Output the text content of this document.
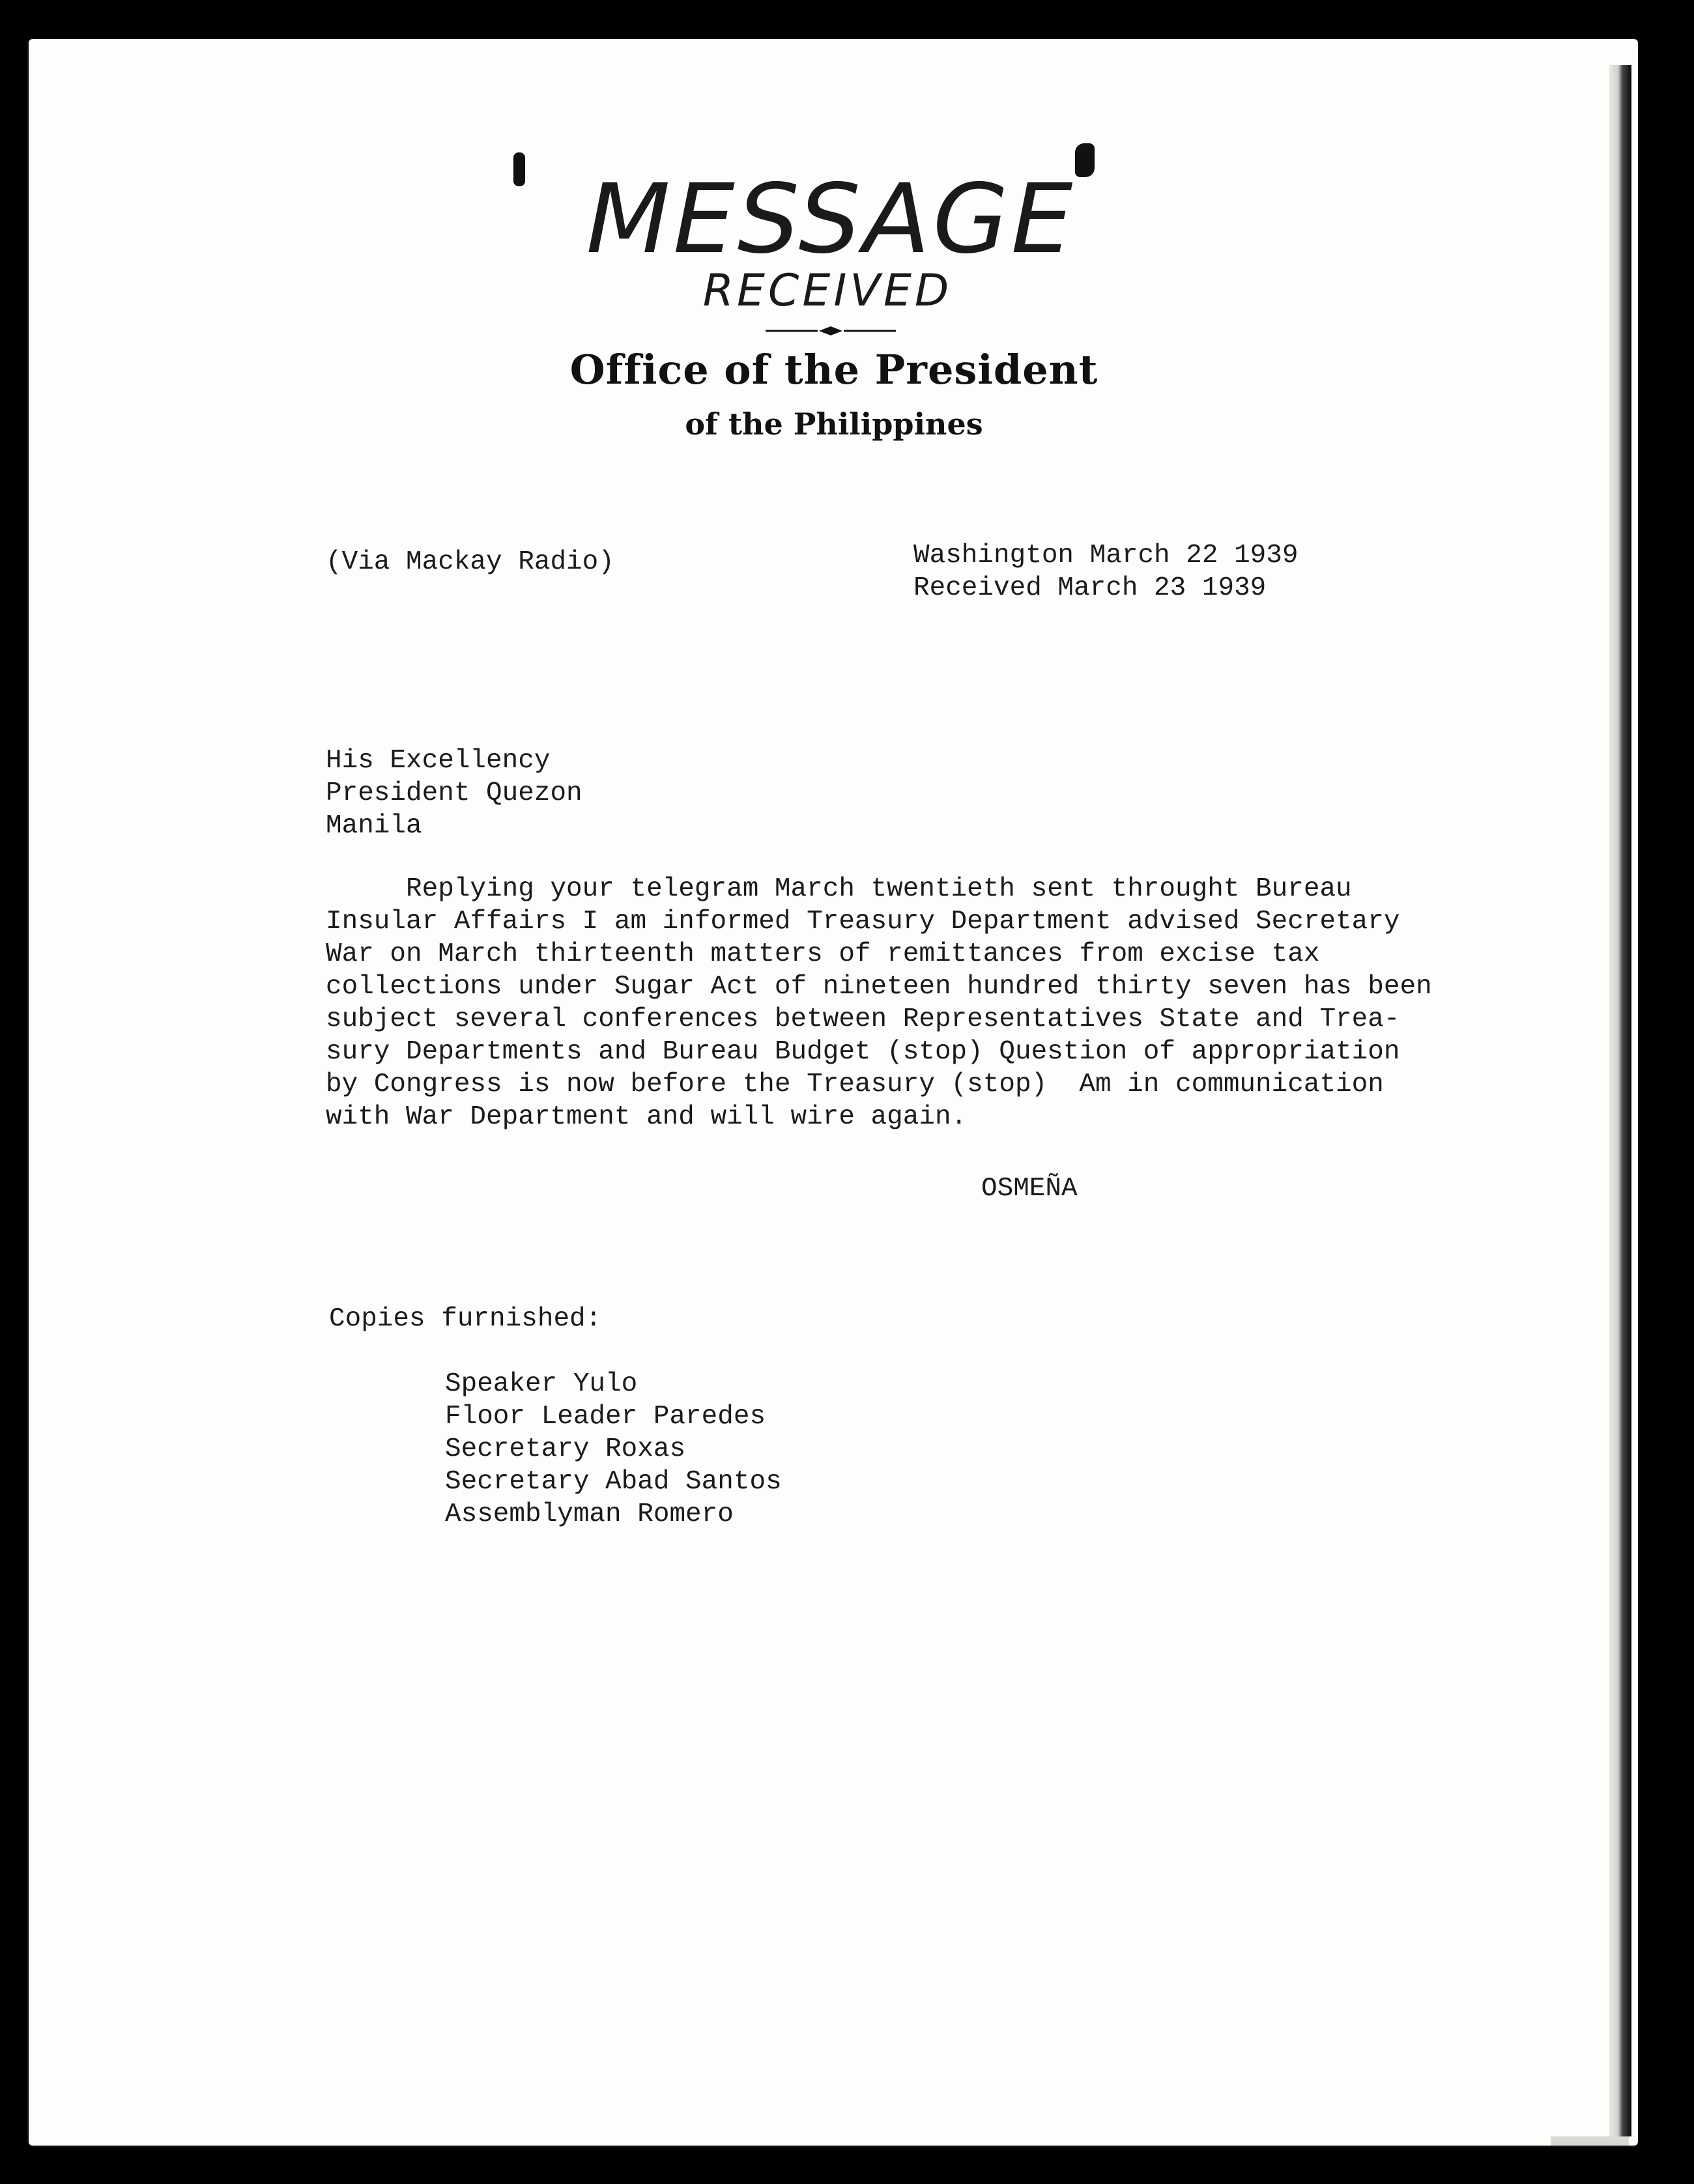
MESSAGE
RECEIVED
Office of the President
of the Philippines
(Via Mackay Radio)	Washington March 22 1939
Received March 23 1939
His Excellency
President Quezon
Manila
Replying your telegram March twentieth sent throught Bureau
Insular Affairs I am informed Treasury Department advised Secretary
War on March thirteenth matters of remittances from excise tax
collections under Sugar Act of nineteen hundred thirty seven has been
subject several conferences between Representatives State and Trea-
sury Departments and Bureau Budget (stop) Question of appropriation
by Congress is now before the Treasury (stop)  Am in communication
with War Department and will wire again.
OSMEÑA
Copies furnished:
Speaker Yulo
Floor Leader Paredes
Secretary Roxas
Secretary Abad Santos
Assemblyman Romero
